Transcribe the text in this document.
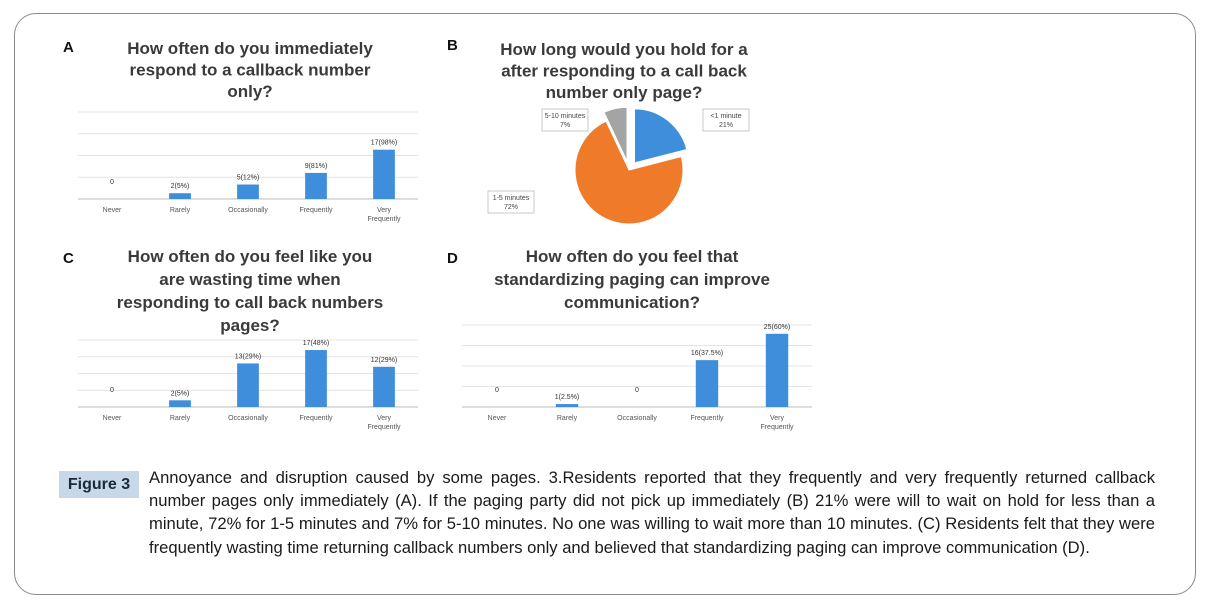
A	How often do you immediately
respond to a callback number
only?
0
Never
2(5%)
Rarely
5(12%)
Occasionally
9(81%)
Frequently
17(98%)
Very
Frequently
B How long would you hold for a
after responding to a call back
number only page?
<1 minute
21%
1-5 minutes
72%
5-10 minutes
7%
C	How often do you feel like you
are wasting time when
responding to call back numbers
pages?
0
Never
2(5%)
Rarely
13(29%)
Occasionally
17(48%)
Frequently
12(29%)
Very
Frequently
D	How often do you feel that
standardizing paging can improve
communication?
0
Never
1(2.5%)
Rarely
0
Occasionally
16(37.5%)
Frequently
25(60%)
Very
Frequently
Figure 3	Annoyance and disruption caused by some pages. 3.Residents reported that they frequently and very frequently returned callback number pages only immediately (A). If the paging party did not pick up immediately (B) 21% were will to wait on hold for less than a minute, 72% for 1-5 minutes and 7% for 5-10 minutes. No one was willing to wait more than 10 minutes. (C) Residents felt that they were frequently wasting time returning callback numbers only and believed that standardizing paging can improve communication (D).
